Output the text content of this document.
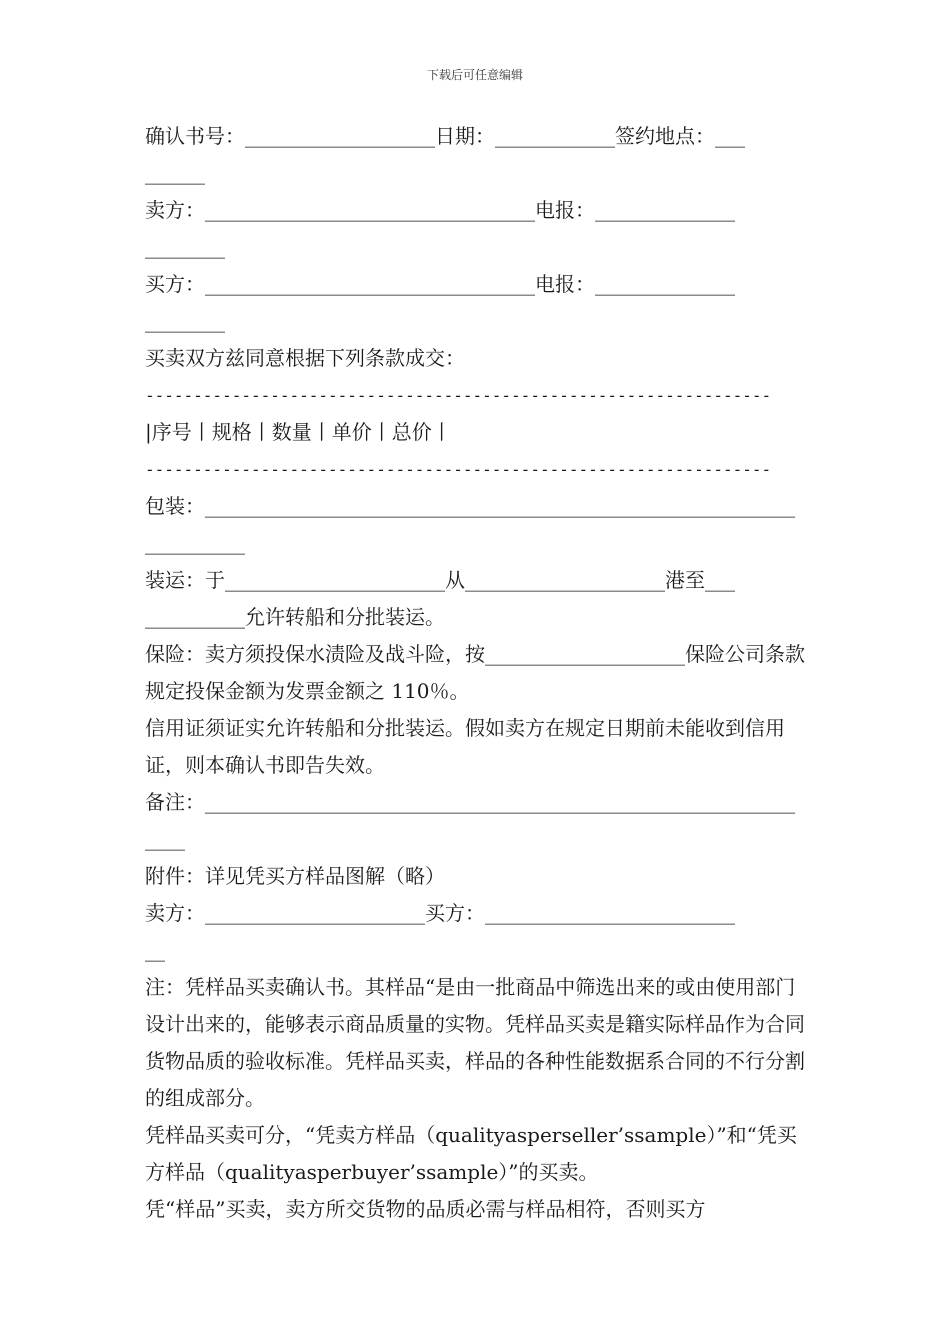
下载后可任意编辑
确认书号：___________________日期：____________签约地点：___
______
卖方：_________________________________电报：______________
________
买方：_________________________________电报：______________
________
买卖双方兹同意根据下列条款成交：
-----------------------------------------------------------------
|序号丨规格丨数量丨单价丨总价丨
-----------------------------------------------------------------
包装：___________________________________________________________
__________
装运：于______________________从____________________港至___
__________允许转船和分批装运。
保险：卖方须投保水渍险及战斗险，按____________________保险公司条款规定投保金额为发票金额之 110％。
信用证须证实允许转船和分批装运。假如卖方在规定日期前未能收到信用证，则本确认书即告失效。
备注：___________________________________________________________
____
附件：详见凭买方样品图解（略）
卖方：______________________买方：_________________________
__
注：凭样品买卖确认书。其样品“是由一批商品中筛选出来的或由使用部门设计出来的，能够表示商品质量的实物。凭样品买卖是籍实际样品作为合同货物品质的验收标准。凭样品买卖，样品的各种性能数据系合同的不行分割的组成部分。
凭样品买卖可分，“凭卖方样品（qualityasperseller’ssample）”和“凭买方样品（qualityasperbuyer’ssample）”的买卖。
凭“样品”买卖，卖方所交货物的品质必需与样品相符，否则买方
